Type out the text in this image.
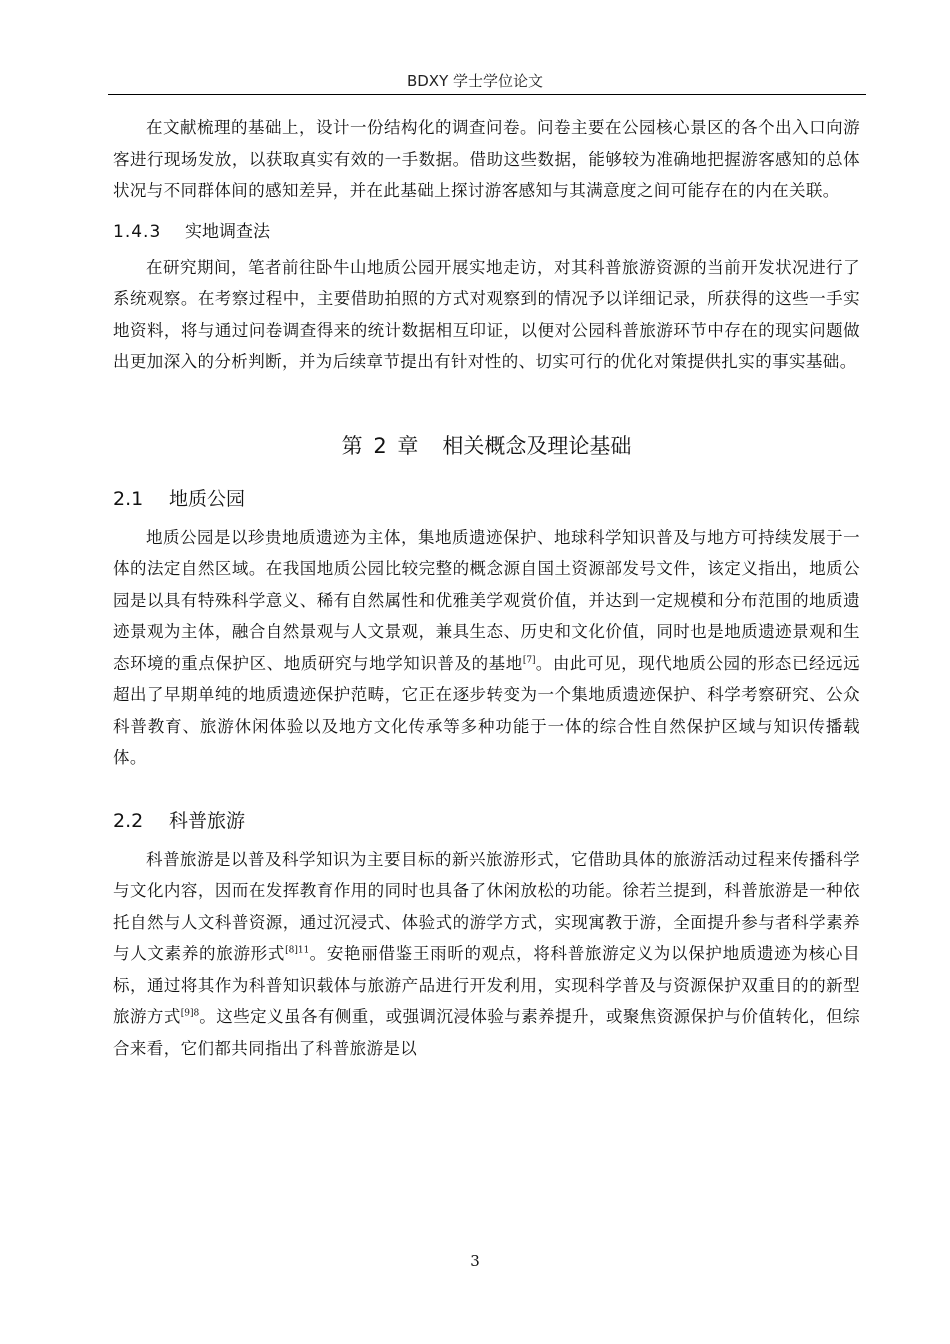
BDXY 学士学位论文

在文献梳理的基础上，设计一份结构化的调查问卷。问卷主要在公园核心景区的各个出入口向游客进行现场发放，以获取真实有效的一手数据。借助这些数据，能够较为准确地把握游客感知的总体状况与不同群体间的感知差异，并在此基础上探讨游客感知与其满意度之间可能存在的内在关联。

1.4.3 实地调查法

在研究期间，笔者前往卧牛山地质公园开展实地走访，对其科普旅游资源的当前开发状况进行了系统观察。在考察过程中，主要借助拍照的方式对观察到的情况予以详细记录，所获得的这些一手实地资料，将与通过问卷调查得来的统计数据相互印证，以便对公园科普旅游环节中存在的现实问题做出更加深入的分析判断，并为后续章节提出有针对性的、切实可行的优化对策提供扎实的事实基础。

第 2 章 相关概念及理论基础
2.1 地质公园

地质公园是以珍贵地质遗迹为主体，集地质遗迹保护、地球科学知识普及与地方可持续发展于一体的法定自然区域。在我国地质公园比较完整的概念源自国土资源部发号文件，该定义指出，地质公园是以具有特殊科学意义、稀有自然属性和优雅美学观赏价值，并达到一定规模和分布范围的地质遗迹景观为主体，融合自然景观与人文景观，兼具生态、历史和文化价值，同时也是地质遗迹景观和生态环境的重点保护区、地质研究与地学知识普及的基地[7]。由此可见，现代地质公园的形态已经远远超出了早期单纯的地质遗迹保护范畴，它正在逐步转变为一个集地质遗迹保护、科学考察研究、公众科普教育、旅游休闲体验以及地方文化传承等多种功能于一体的综合性自然保护区域与知识传播载体。

2.2 科普旅游

科普旅游是以普及科学知识为主要目标的新兴旅游形式，它借助具体的旅游活动过程来传播科学与文化内容，因而在发挥教育作用的同时也具备了休闲放松的功能。徐若兰提到，科普旅游是一种依托自然与人文科普资源，通过沉浸式、体验式的游学方式，实现寓教于游，全面提升参与者科学素养与人文素养的旅游形式$^{[8]11}$。安艳丽借鉴王雨昕的观点，将科普旅游定义为以保护地质遗迹为核心目标，通过将其作为科普知识载体与旅游产品进行开发利用，实现科学普及与资源保护双重目的的新型旅游方式$^{[9]8}$。这些定义虽各有侧重，或强调沉浸体验与素养提升，或聚焦资源保护与价值转化，但综合来看，它们都共同指出了科普旅游是以

3
